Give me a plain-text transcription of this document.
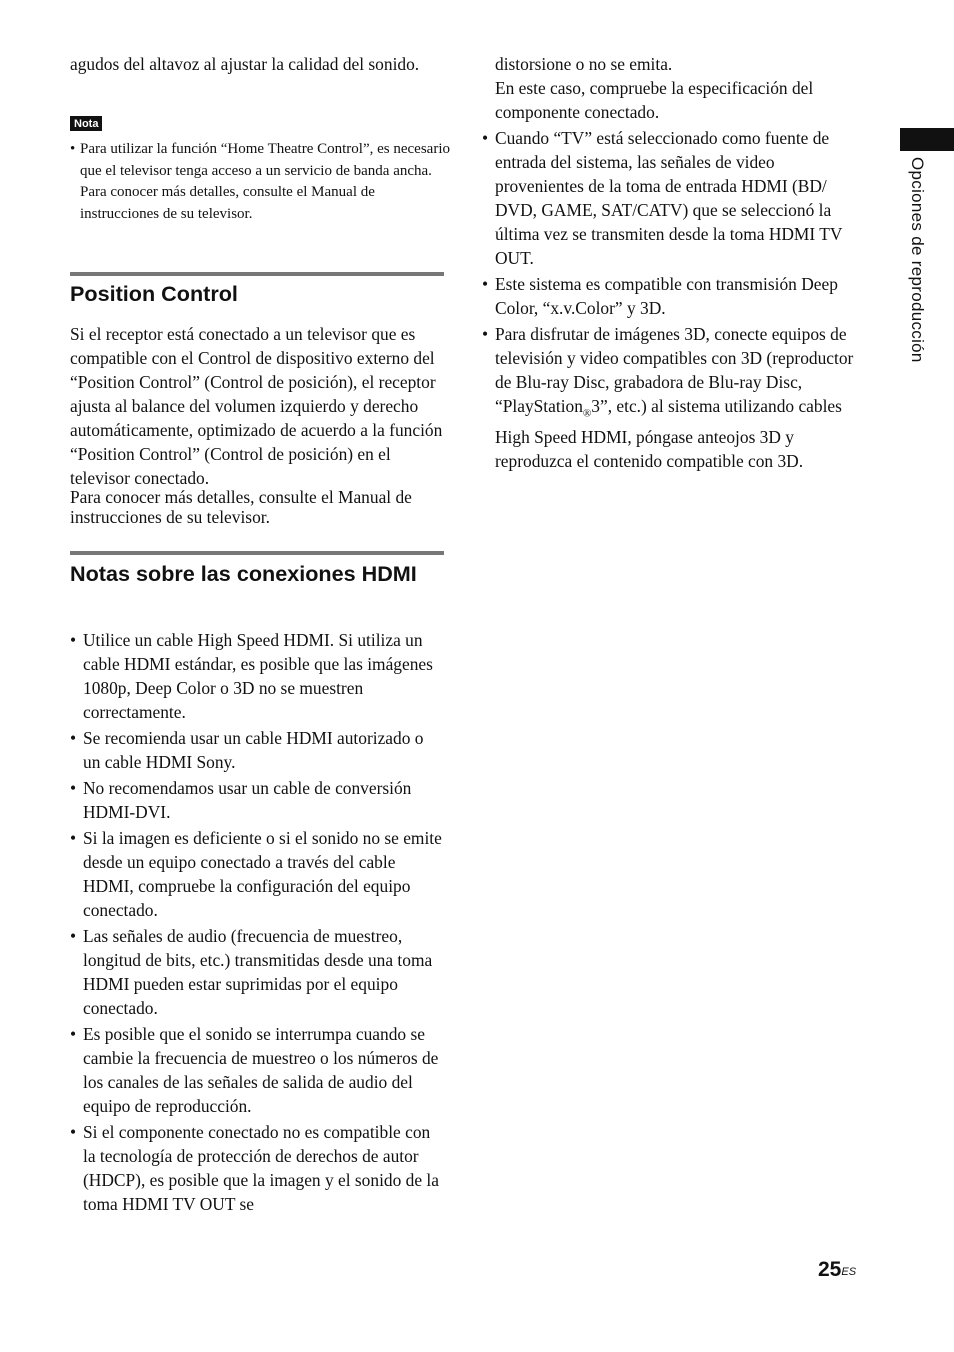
agudos del altavoz al ajustar la calidad del sonido.

Nota
• Para utilizar la función “Home Theatre Control”, es necesario que el televisor tenga acceso a un servicio de banda ancha.
Para conocer más detalles, consulte el Manual de instrucciones de su televisor.
Position Control

Si el receptor está conectado a un televisor que es compatible con el Control de dispositivo externo del “Position Control” (Control de posición), el receptor ajusta al balance del volumen izquierdo y derecho automáticamente, optimizado de acuerdo a la función “Position Control” (Control de posición) en el televisor conectado.

Para conocer más detalles, consulte el Manual de instrucciones de su televisor.

Notas sobre las conexiones HDMI
• Utilice un cable High Speed HDMI. Si utiliza un cable HDMI estándar, es posible que las imágenes 1080p, Deep Color o 3D no se muestren correctamente.
• Se recomienda usar un cable HDMI autorizado o un cable HDMI Sony.
• No recomendamos usar un cable de conversión HDMI-DVI.
• Si la imagen es deficiente o si el sonido no se emite desde un equipo conectado a través del cable HDMI, compruebe la configuración del equipo conectado.
• Las señales de audio (frecuencia de muestreo, longitud de bits, etc.) transmitidas desde una toma HDMI pueden estar suprimidas por el equipo conectado.
• Es posible que el sonido se interrumpa cuando se cambie la frecuencia de muestreo o los números de los canales de las señales de salida de audio del equipo de reproducción.
• Si el componente conectado no es compatible con la tecnología de protección de derechos de autor (HDCP), es posible que la imagen y el sonido de la toma HDMI TV OUT se

distorsione o no se emita.

En este caso, compruebe la especificación del componente conectado.

• Cuando “TV” está seleccionado como fuente de entrada del sistema, las señales de video provenientes de la toma de entrada HDMI (BD/ DVD, GAME, SAT/CATV) que se seleccionó la última vez se transmiten desde la toma HDMI TV OUT.
• Este sistema es compatible con transmisión Deep Color, “x.v.Color” y 3D.
• Para disfrutar de imágenes 3D, conecte equipos de televisión y video compatibles con 3D (reproductor de Blu-ray Disc, grabadora de Blu-ray Disc, “PlayStation$_®$3”, etc.) al sistema utilizando cables High Speed HDMI, póngase anteojos 3D y reproduzca el contenido compatible con 3D.
Opciones de reproducción
$25^{ES}$
